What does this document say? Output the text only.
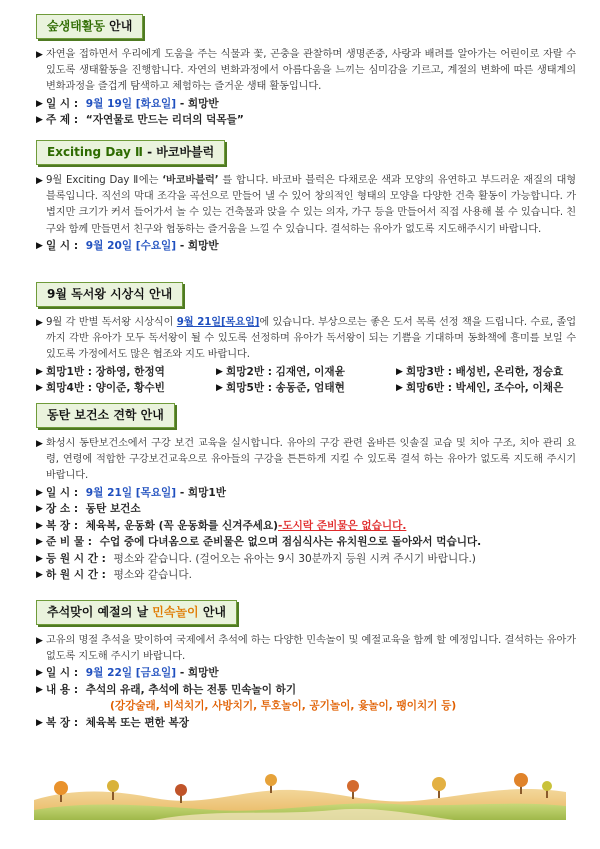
숲생태활동 안내
▶ 자연을 접하면서 우리에게 도움을 주는 식물과 꽃, 곤충을 관찰하며 생명존중, 사랑과 배려를 알아가는 어린이로 자랄 수 있도록 생태활동을 진행합니다. 자연의 변화과정에서 아름다움을 느끼는 심미감을 기르고, 계절의 변화에 따른 생태계의 변화과정을 즐겁게 탐색하고 체험하는 즐거운 생태 활동입니다.
▶ 일 시 : 9월 19일 [화요일] - 희망반
▶ 주 제 : “자연물로 만드는 리더의 덕목들”
Exciting Day Ⅱ - 바코바블럭
▶ 9월 Exciting Day Ⅱ에는 ‘바코바블럭’ 를 합니다. 바코바 블럭은 다채로운 색과 모양의 유연하고 부드러운 재질의 대형 블록입니다. 직선의 막대 조각을 곡선으로 만들어 낼 수 있어 창의적인 형태의 모양을 다양한 건축 활동이 가능합니다. 가볍지만 크기가 커서 들어가서 놀 수 있는 건축물과 앉을 수 있는 의자, 가구 등을 만들어서 직접 사용해 볼 수 있습니다. 친구와 함께 만들면서 친구와 협동하는 즐거움을 느낄 수 있습니다. 결석하는 유아가 없도록 지도해주시기 바랍니다.
▶ 일 시 : 9월 20일 [수요일] - 희망반
9월 독서왕 시상식 안내
▶ 9월 각 반별 독서왕 시상식이 9월 21일[목요일]에 있습니다. 부상으로는 좋은 도서 목록 선정 책을 드립니다. 수료, 졸업까지 각반 유아가 모두 독서왕이 될 수 있도록 선정하며 유아가 독서왕이 되는 기쁨을 기대하며 동화책에 흥미를 보일 수 있도록 가정에서도 많은 협조와 지도 바랍니다.
▶ 희망1반 : 장하영, 한정역	▶ 희망2반 : 김재연, 이재윤	▶ 희망3반 : 배성빈, 온리한, 정승효
▶ 희망4반 : 양이준, 황수빈	▶ 희망5반 : 송동준, 엄태현	▶ 희망6반 : 박세인, 조수아, 이채은
동탄 보건소 견학 안내
▶ 화성시 동탄보건소에서 구강 보건 교육을 실시합니다. 유아의 구강 관련 올바른 잇솔질 교습 및 치아 구조, 치아 관리 요령, 연령에 적합한 구강보건교육으로 유아들의 구강을 튼튼하게 지킬 수 있도록 결석 하는 유아가 없도록 지도해 주시기 바랍니다.
▶ 일 시 : 9월 21일 [목요일] - 희망1반
▶ 장 소 : 동탄 보건소
▶ 복 장 : 체육복, 운동화 (꼭 운동화를 신겨주세요)-도시락 준비물은 없습니다.
▶ 준 비 물 : 수업 중에 다녀옴으로 준비물은 없으며 점심식사는 유치원으로 돌아와서 먹습니다.
▶ 등 원 시 간 : 평소와 같습니다. (걸어오는 유아는 9시 30분까지 등원 시켜 주시기 바랍니다.)
▶ 하 원 시 간 : 평소와 같습니다.
추석맞이 예절의 날 민속놀이 안내
▶ 고유의 명절 추석을 맞이하여 국제에서 추석에 하는 다양한 민속놀이 및 예절교육을 함께 할 예정입니다. 결석하는 유아가 없도록 지도해 주시기 바랍니다.
▶ 일 시 : 9월 22일 [금요일] - 희망반
▶ 내 용 : 추석의 유래, 추석에 하는 전통 민속놀이 하기
(강강술래, 비석치기, 사방치기, 투호놀이, 공기놀이, 윷놀이, 팽이치기 등)
▶ 복 장 : 체육복 또는 편한 복장
